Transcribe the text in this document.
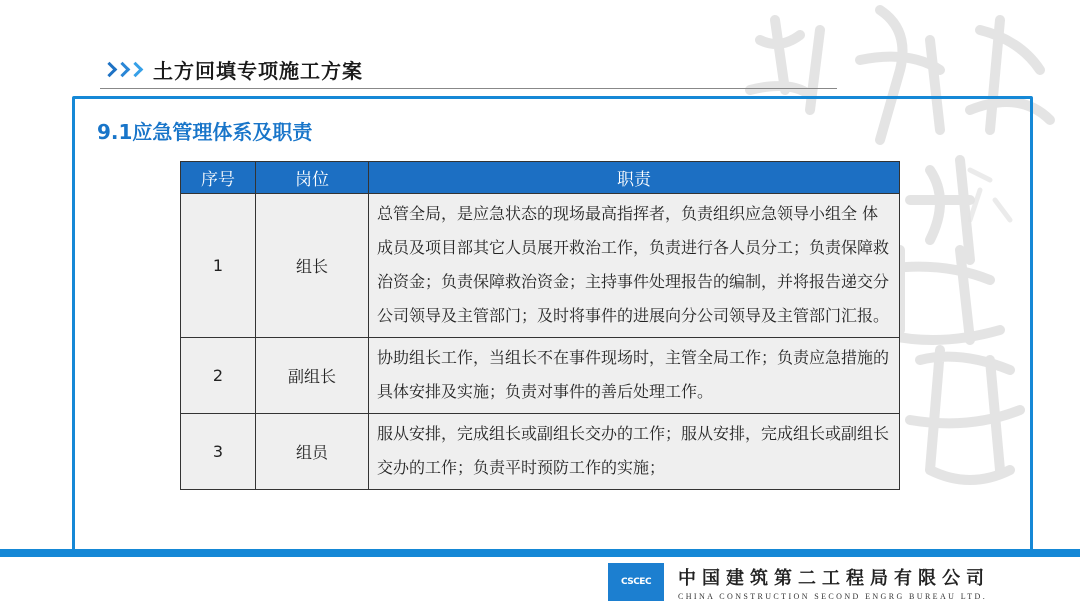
土方回填专项施工方案
9.1应急管理体系及职责
序号	岗位	职责
1	组长	总管全局，是应急状态的现场最高指挥者，负责组织应急领导小组全 体成员及项目部其它人员展开救治工作，负责进行各人员分工；负责保障救治资金；负责保障救治资金；主持事件处理报告的编制，并将报告递交分公司领导及主管部门；及时将事件的进展向分公司领导及主管部门汇报。
2	副组长	协助组长工作，当组长不在事件现场时，主管全局工作；负责应急措施的具体安排及实施；负责对事件的善后处理工作。
3	组员	服从安排，完成组长或副组长交办的工作；服从安排，完成组长或副组长交办的工作；负责平时预防工作的实施；
CSCEC	中国建筑第二工程局有限公司
CHINA CONSTRUCTION SECOND ENGRG BUREAU LTD.
